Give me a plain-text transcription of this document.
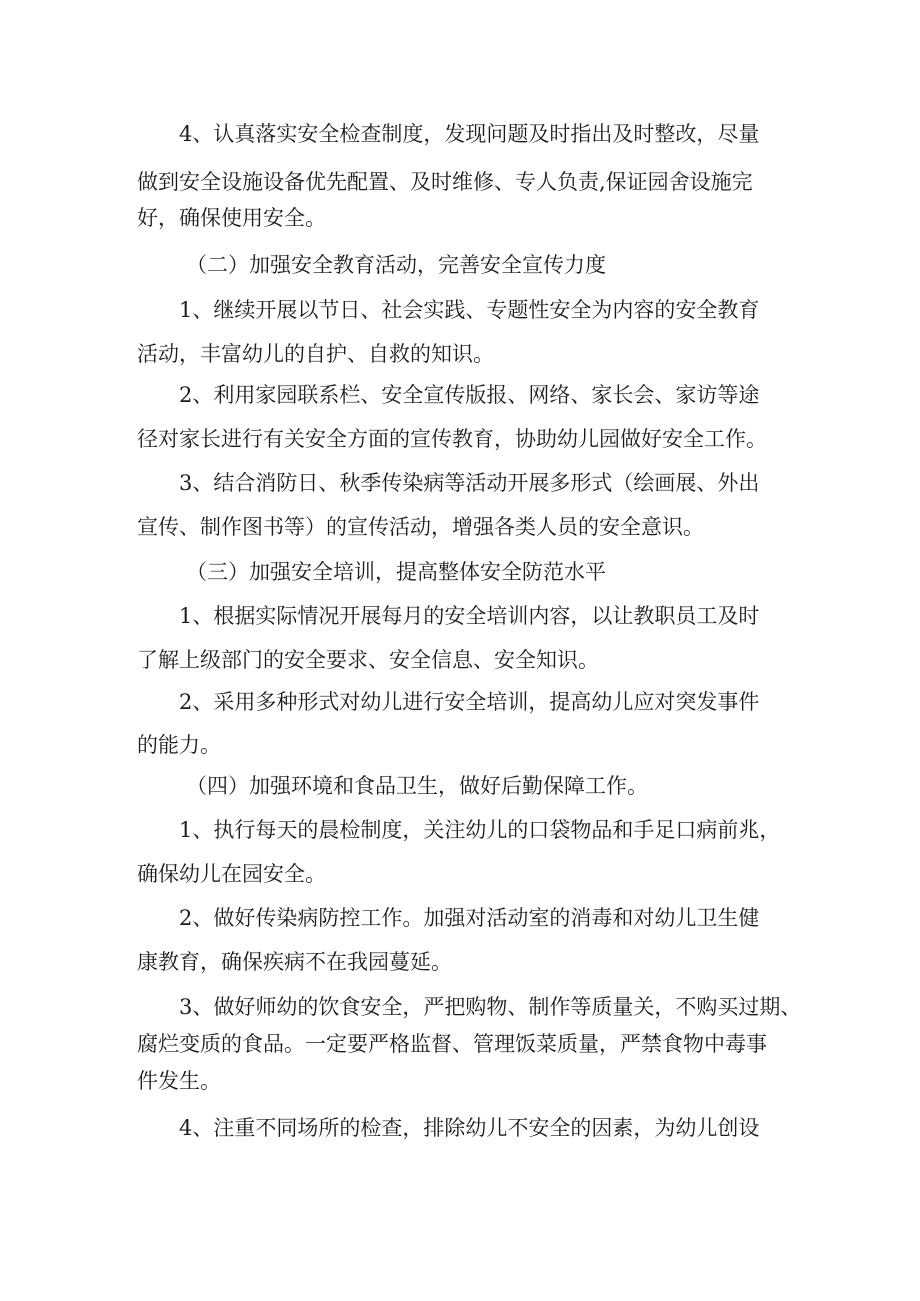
　　4、认真落实安全检查制度，发现问题及时指出及时整改，尽量
做到安全设施设备优先配置、及时维修、专人负责,保证园舍设施完
好，确保使用安全。
（二）加强安全教育活动，完善安全宣传力度
　　1、继续开展以节日、社会实践、专题性安全为内容的安全教育
活动，丰富幼儿的自护、自救的知识。
　　2、利用家园联系栏、安全宣传版报、网络、家长会、家访等途
径对家长进行有关安全方面的宣传教育，协助幼儿园做好安全工作。
　　3、结合消防日、秋季传染病等活动开展多形式（绘画展、外出
宣传、制作图书等）的宣传活动，增强各类人员的安全意识。
（三）加强安全培训，提高整体安全防范水平
　　1、根据实际情况开展每月的安全培训内容，以让教职员工及时
了解上级部门的安全要求、安全信息、安全知识。
　　2、采用多种形式对幼儿进行安全培训，提高幼儿应对突发事件
的能力。
（四）加强环境和食品卫生，做好后勤保障工作。
　　1、执行每天的晨检制度，关注幼儿的口袋物品和手足口病前兆，
确保幼儿在园安全。
　　2、做好传染病防控工作。加强对活动室的消毒和对幼儿卫生健
康教育，确保疾病不在我园蔓延。
　　3、做好师幼的饮食安全，严把购物、制作等质量关，不购买过期、
腐烂变质的食品。一定要严格监督、管理饭菜质量，严禁食物中毒事
件发生。
　　4、注重不同场所的检查，排除幼儿不安全的因素，为幼儿创设
